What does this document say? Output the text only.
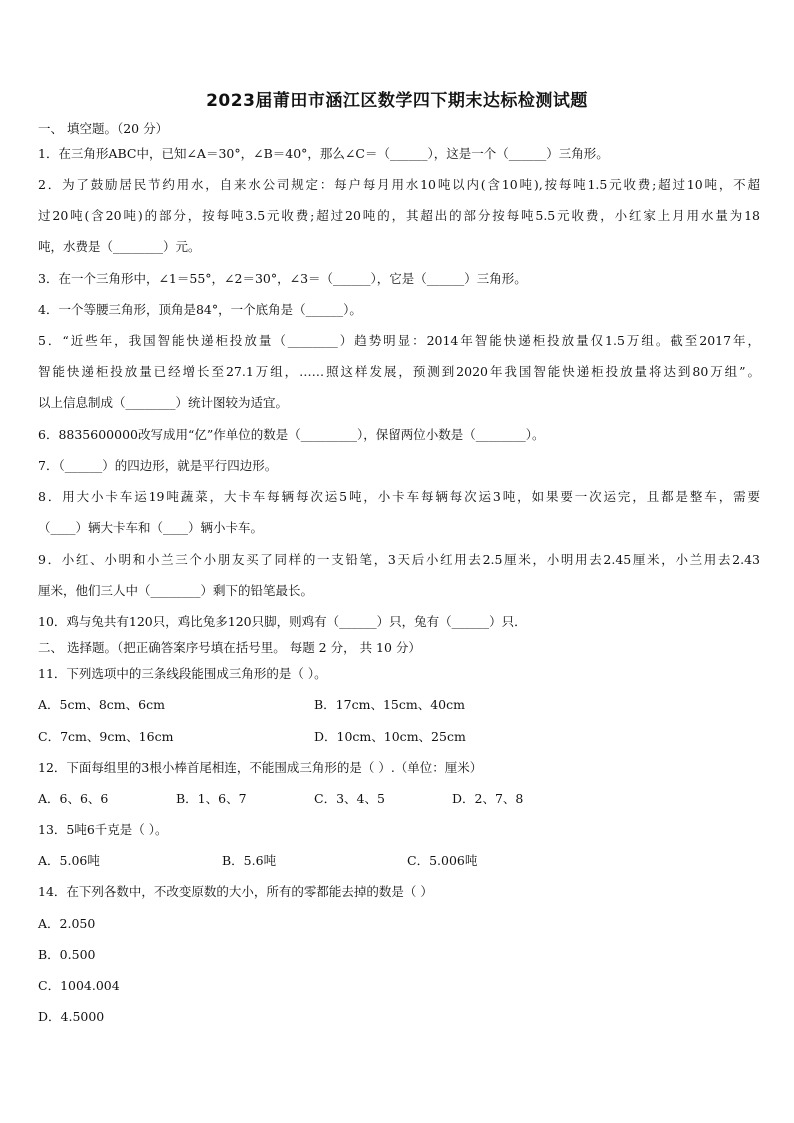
2023届莆田市涵江区数学四下期末达标检测试题
一、 填空题。（20 分）
1．在三角形ABC中，已知∠A＝30°，∠B＝40°，那么∠C＝（______），这是一个（______）三角形。
2．为了鼓励居民节约用水，自来水公司规定：每户每月用水10吨以内(含10吨),按每吨1.5元收费;超过10吨，不超
过20吨(含20吨)的部分，按每吨3.5元收费;超过20吨的，其超出的部分按每吨5.5元收费，小红家上月用水量为18
吨，水费是（________）元。
3．在一个三角形中，∠1＝55°，∠2＝30°，∠3＝（______），它是（______）三角形。
4．一个等腰三角形，顶角是84°，一个底角是（______）。
5．“近些年，我国智能快递柜投放量（________）趋势明显：2014年智能快递柜投放量仅1.5万组。截至2017年，
智能快递柜投放量已经增长至27.1万组，……照这样发展，预测到2020年我国智能快递柜投放量将达到80万组”。
以上信息制成（________）统计图较为适宜。
6．8835600000改写成用“亿”作单位的数是（_________），保留两位小数是（________）。
7．（______）的四边形，就是平行四边形。
8．用大小卡车运19吨蔬菜，大卡车每辆每次运5吨，小卡车每辆每次运3吨，如果要一次运完，且都是整车，需要
（____）辆大卡车和（____）辆小卡车。
9．小红、小明和小兰三个小朋友买了同样的一支铅笔，3天后小红用去2.5厘米，小明用去2.45厘米，小兰用去2.43
厘米，他们三人中（________）剩下的铅笔最长。
10．鸡与兔共有120只，鸡比兔多120只脚，则鸡有（______）只，兔有（______）只．
二、 选择题。（把正确答案序号填在括号里。 每题 2 分， 共 10 分）
11．下列选项中的三条线段能围成三角形的是（ ）。
A．5cm、8cm、6cm	B．17cm、15cm、40cm
C．7cm、9cm、16cm	D．10cm、10cm、25cm
12．下面每组里的3根小棒首尾相连，不能围成三角形的是（ ）.（单位：厘米）
A．6、6、6	B．1、6、7	C．3、4、5	D．2、7、8
13．5吨6千克是（ ）。
A．5.06吨	B．5.6吨	C．5.006吨
14．在下列各数中，不改变原数的大小，所有的零都能去掉的数是（ ）
A．2.050
B．0.500
C．1004.004
D．4.5000
